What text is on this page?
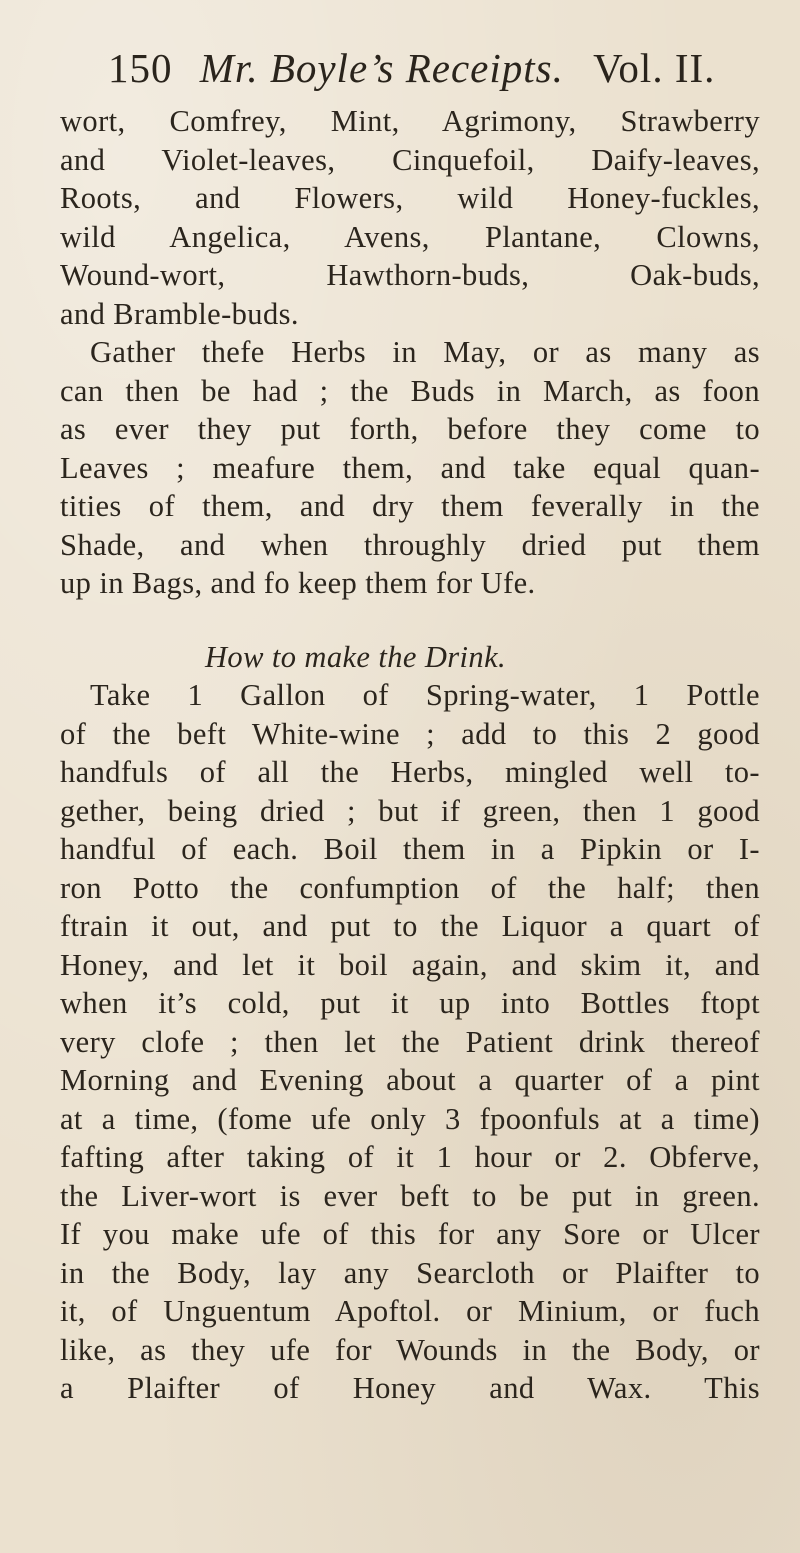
150 Mr. Boyle’s Receipts. Vol. II.
wort, Comfrey, Mint, Agrimony, Strawberry
and Violet-leaves, Cinquefoil, Daify-leaves,
Roots, and Flowers, wild Honey-fuckles,
wild Angelica, Avens, Plantane, Clowns,
Wound-wort, Hawthorn-buds, Oak-buds,
and Bramble-buds.
Gather thefe Herbs in May, or as many as
can then be had ; the Buds in March, as foon
as ever they put forth, before they come to
Leaves ; meafure them, and take equal quan-
tities of them, and dry them feverally in the
Shade, and when throughly dried put them
up in Bags, and fo keep them for Ufe.
How to make the Drink.
Take 1 Gallon of Spring-water, 1 Pottle
of the beft White-wine ; add to this 2 good
handfuls of all the Herbs, mingled well to-
gether, being dried ; but if green, then 1 good
handful of each. Boil them in a Pipkin or I-
ron Potto the confumption of the half; then
ftrain it out, and put to the Liquor a quart of
Honey, and let it boil again, and skim it, and
when it’s cold, put it up into Bottles ftopt
very clofe ; then let the Patient drink thereof
Morning and Evening about a quarter of a pint
at a time, (fome ufe only 3 fpoonfuls at a time)
fafting after taking of it 1 hour or 2. Obferve,
the Liver-wort is ever beft to be put in green.
If you make ufe of this for any Sore or Ulcer
in the Body, lay any Searcloth or Plaifter to
it, of Unguentum Apoftol. or Minium, or fuch
like, as they ufe for Wounds in the Body, or
a Plaifter of Honey and Wax. This
